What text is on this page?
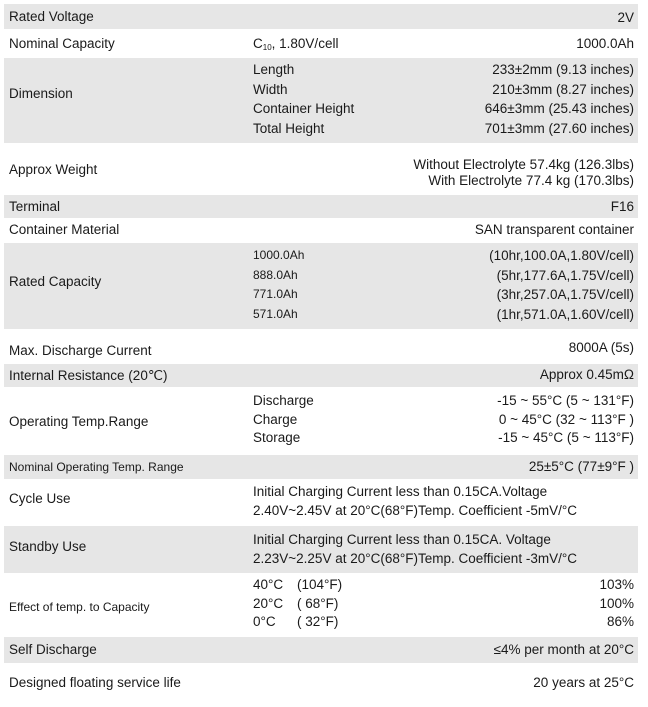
Rated Voltage	2V
Nominal Capacity	$C_{10}$, 1.80V/cell	1000.0Ah
Dimension
Length	233±2mm (9.13 inches)
Width	210±3mm (8.27 inches)
Container Height	646±3mm (25.43 inches)
Total Height	701±3mm (27.60 inches)
Approx Weight	Without Electrolyte 57.4kg (126.3lbs)
With Electrolyte 77.4 kg (170.3lbs)
Terminal	F16
Container Material	SAN transparent container
Rated Capacity
1000.0Ah	(10hr,100.0A,1.80V/cell)
888.0Ah	(5hr,177.6A,1.75V/cell)
771.0Ah	(3hr,257.0A,1.75V/cell)
571.0Ah	(1hr,571.0A,1.60V/cell)
Max. Discharge Current	8000A (5s)
Internal Resistance (20℃)	Approx 0.45mΩ
Operating Temp.Range
Discharge	-15 ~ 55°C (5 ~ 131°F)
Charge	0 ~ 45°C (32 ~ 113°F )
Storage	-15 ~ 45°C (5 ~ 113°F)
Nominal Operating Temp. Range	25±5°C (77±9°F )
Cycle Use	Initial Charging Current less than 0.15CA.Voltage
2.40V~2.45V at 20°C(68°F)Temp. Coefficient -5mV/°C
Standby Use	Initial Charging Current less than 0.15CA. Voltage
2.23V~2.25V at 20°C(68°F)Temp. Coefficient -3mV/°C
Effect of temp. to Capacity
40°C (104°F)	103%
20°C ( 68°F)	100%
0°C ( 32°F)	86%
Self Discharge	≤4% per month at 20°C
Designed floating service life	20 years at 25°C
